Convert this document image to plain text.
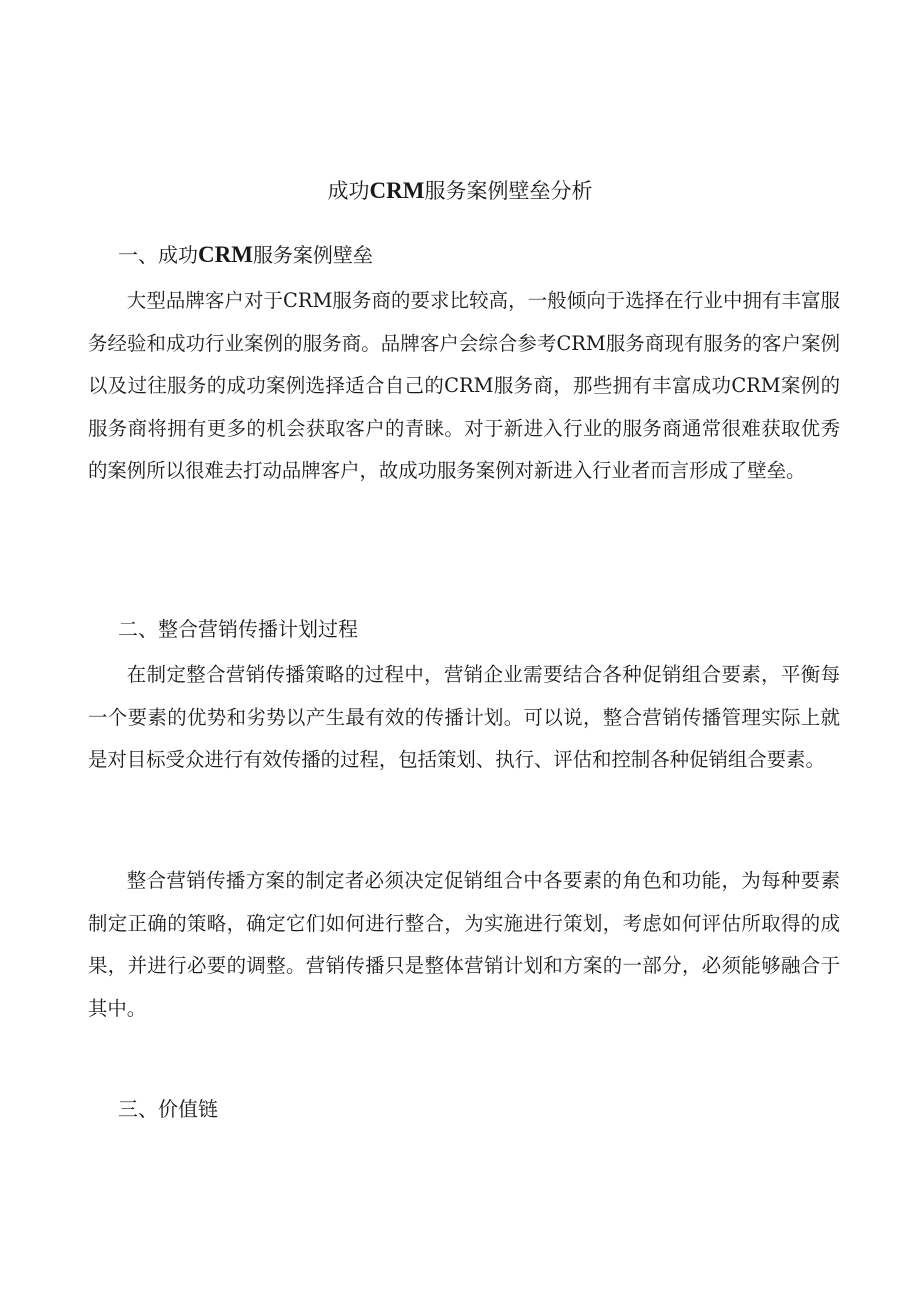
成功CRM服务案例壁垒分析
一、成功CRM服务案例壁垒

大型品牌客户对于CRM服务商的要求比较高，一般倾向于选择在行业中拥有丰富服务经验和成功行业案例的服务商。品牌客户会综合参考CRM服务商现有服务的客户案例以及过往服务的成功案例选择适合自己的CRM服务商，那些拥有丰富成功CRM案例的服务商将拥有更多的机会获取客户的青睐。对于新进入行业的服务商通常很难获取优秀的案例所以很难去打动品牌客户，故成功服务案例对新进入行业者而言形成了壁垒。

二、整合营销传播计划过程

在制定整合营销传播策略的过程中，营销企业需要结合各种促销组合要素，平衡每一个要素的优势和劣势以产生最有效的传播计划。可以说，整合营销传播管理实际上就是对目标受众进行有效传播的过程，包括策划、执行、评估和控制各种促销组合要素。

整合营销传播方案的制定者必须决定促销组合中各要素的角色和功能，为每种要素制定正确的策略，确定它们如何进行整合，为实施进行策划，考虑如何评估所取得的成果，并进行必要的调整。营销传播只是整体营销计划和方案的一部分，必须能够融合于其中。

三、价值链
